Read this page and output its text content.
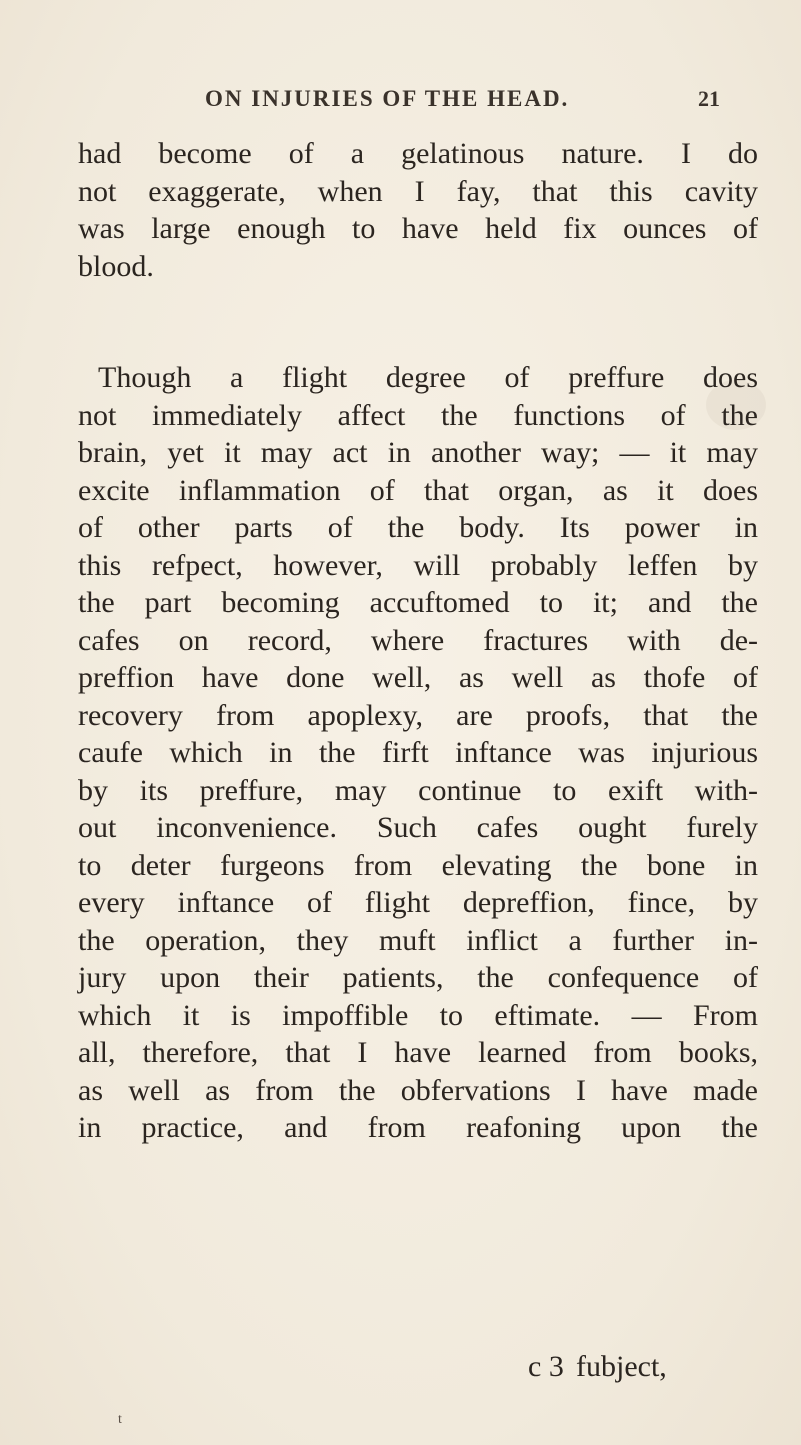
ON INJURIES OF THE HEAD.	21

had become of a gelatinous nature. I do
not exaggerate, when I fay, that this cavity
was large enough to have held fix ounces of
blood.

Though a flight degree of preffure does
not immediately affect the functions of the
brain, yet it may act in another way; — it may
excite inflammation of that organ, as it does
of other parts of the body. Its power in
this refpect, however, will probably leffen by
the part becoming accuftomed to it; and the
cafes on record, where fractures with de-
preffion have done well, as well as thofe of
recovery from apoplexy, are proofs, that the
caufe which in the firft inftance was injurious
by its preffure, may continue to exift with-
out inconvenience. Such cafes ought furely
to deter furgeons from elevating the bone in
every inftance of flight depreffion, fince, by
the operation, they muft inflict a further in-
jury upon their patients, the confequence of
which it is impoffible to eftimate. — From
all, therefore, that I have learned from books,
as well as from the obfervations I have made
in practice, and from reafoning upon the

c 3 fubject,
t
